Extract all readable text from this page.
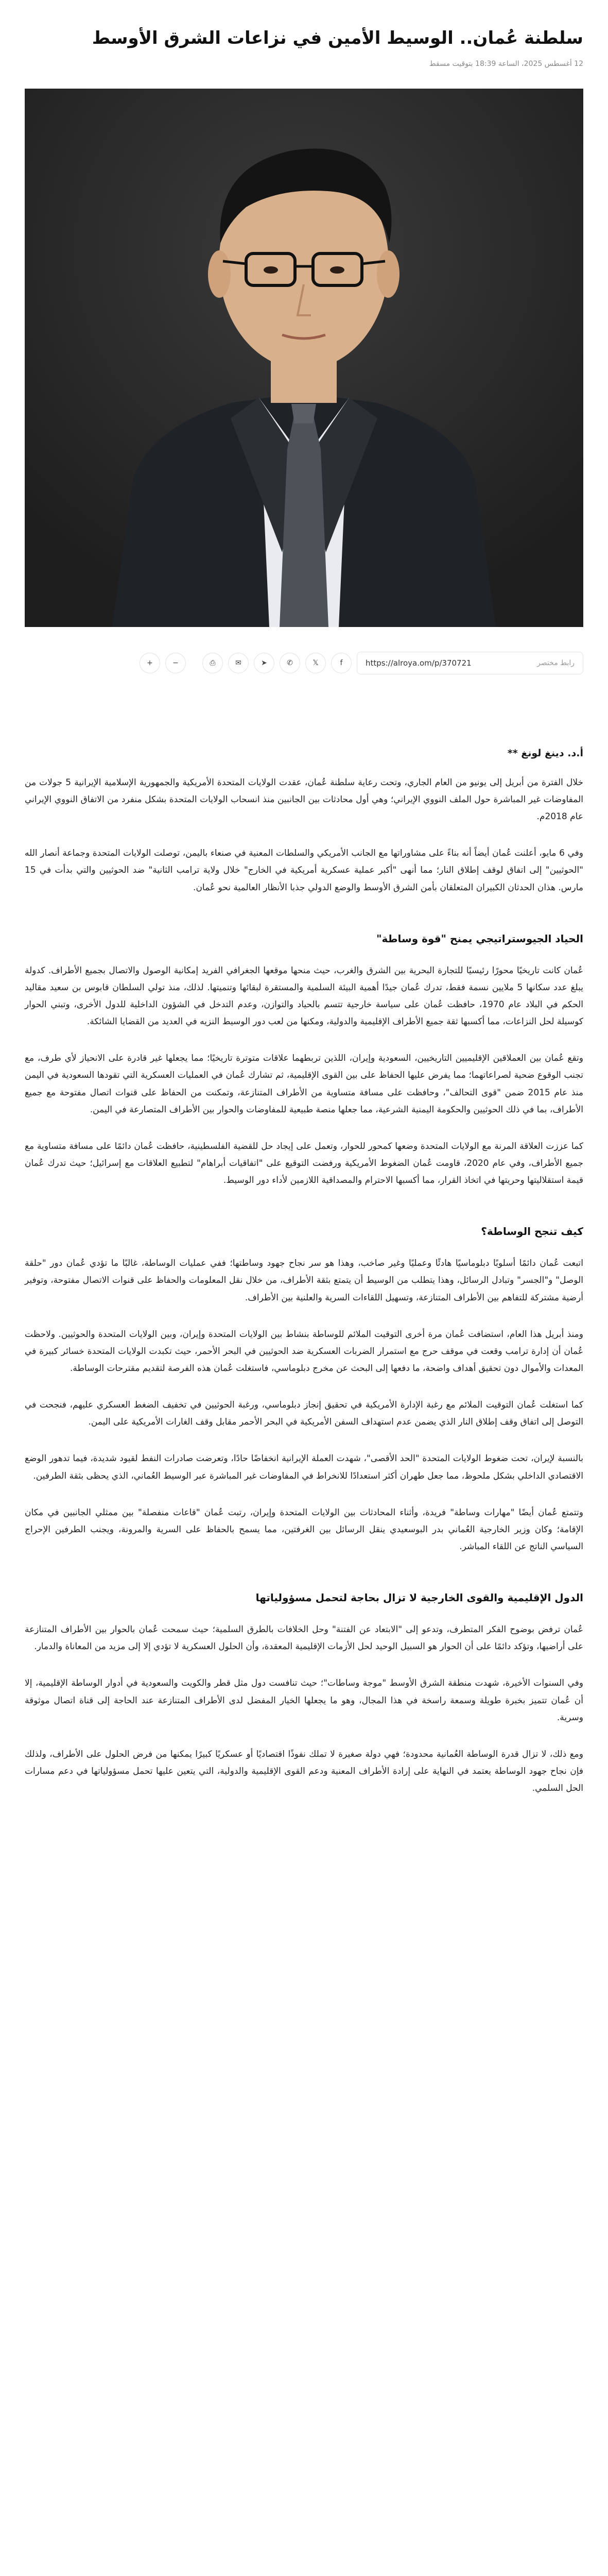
سلطنة عُمان.. الوسيط الأمين في نزاعات الشرق الأوسط
12 أغسطس 2025، الساعة 18:39 بتوقيت مسقط
رابط مختصر
https://alroya.om/p/370721
f
𝕏
✆
➤
✉
⎙
−
+
أ.د. دينغ لونغ **

خلال الفترة من أبريل إلى يونيو من العام الجاري، وتحت رعاية سلطنة عُمان، عقدت الولايات المتحدة الأمريكية والجمهورية الإسلامية الإيرانية 5 جولات من المفاوضات غير المباشرة حول الملف النووي الإيراني؛ وهي أول محادثات بين الجانبين منذ انسحاب الولايات المتحدة بشكل منفرد من الاتفاق النووي الإيراني عام 2018م.

وفي 6 مايو، أعلنت عُمان أيضاً أنه بناءً على مشاوراتها مع الجانب الأمريكي والسلطات المعنية في صنعاء باليمن، توصلت الولايات المتحدة وجماعة أنصار الله "الحوثيين" إلى اتفاق لوقف إطلاق النار؛ مما أنهى "أكبر عملية عسكرية أمريكية في الخارج" خلال ولاية ترامب الثانية" ضد الحوثيين والتي بدأت في 15 مارس. هذان الحدثان الكبيران المتعلقان بأمن الشرق الأوسط والوضع الدولي جذبا الأنظار العالمية نحو عُمان.

الحياد الجيوستراتيجي يمنح "قوة وساطة"

عُمان كانت تاريخيًا محورًا رئيسيًا للتجارة البحرية بين الشرق والغرب، حيث منحها موقعها الجغرافي الفريد إمكانية الوصول والاتصال بجميع الأطراف. كدولة يبلغ عدد سكانها 5 ملايين نسمة فقط، تدرك عُمان جيدًا أهمية البيئة السلمية والمستقرة لبقائها وتنميتها. لذلك، منذ تولي السلطان قابوس بن سعيد مقاليد الحكم في البلاد عام 1970، حافظت عُمان على سياسة خارجية تتسم بالحياد والتوازن، وعدم التدخل في الشؤون الداخلية للدول الأخرى، وتبني الحوار كوسيلة لحل النزاعات، مما أكسبها ثقة جميع الأطراف الإقليمية والدولية، ومكنها من لعب دور الوسيط النزيه في العديد من القضايا الشائكة.

وتقع عُمان بين العملاقين الإقليميين التاريخيين، السعودية وإيران، اللذين تربطهما علاقات متوترة تاريخيًا؛ مما يجعلها غير قادرة على الانحياز لأي طرف، مع تجنب الوقوع ضحية لصراعاتهما؛ مما يفرض عليها الحفاظ على بين القوى الإقليمية، ثم تشارك عُمان في العمليات العسكرية التي تقودها السعودية في اليمن منذ عام 2015 ضمن "قوى التحالف"، وحافظت على مسافة متساوية من الأطراف المتنازعة، وتمكنت من الحفاظ على قنوات اتصال مفتوحة مع جميع الأطراف، بما في ذلك الحوثيين والحكومة اليمنية الشرعية، مما جعلها منصة طبيعية للمفاوضات والحوار بين الأطراف المتصارعة في اليمن.

كما عززت العلاقة المرنة مع الولايات المتحدة وضعها كمحور للحوار، وتعمل على إيجاد حل للقضية الفلسطينية، حافظت عُمان دائمًا على مسافة متساوية مع جميع الأطراف، وفي عام 2020، قاومت عُمان الضغوط الأمريكية ورفضت التوقيع على "اتفاقيات أبراهام" لتطبيع العلاقات مع إسرائيل؛ حيث تدرك عُمان قيمة استقلاليتها وحريتها في اتخاذ القرار، مما أكسبها الاحترام والمصداقية اللازمين لأداء دور الوسيط.

كيف تنجح الوساطة؟

اتبعت عُمان دائمًا أسلوبًا دبلوماسيًا هادئًا وعمليًا وغير صاخب، وهذا هو سر نجاح جهود وساطتها؛ ففي عمليات الوساطة، غالبًا ما تؤدي عُمان دور "حلقة الوصل" و"الجسر" وتبادل الرسائل، وهذا يتطلب من الوسيط أن يتمتع بثقة الأطراف، من خلال نقل المعلومات والحفاظ على قنوات الاتصال مفتوحة، وتوفير أرضية مشتركة للتفاهم بين الأطراف المتنازعة، وتسهيل اللقاءات السرية والعلنية بين الأطراف.

ومنذ أبريل هذا العام، استضافت عُمان مرة أخرى التوقيت الملائم للوساطة بنشاط بين الولايات المتحدة وإيران، وبين الولايات المتحدة والحوثيين. ولاحظت عُمان أن إدارة ترامب وقعت في موقف حرج مع استمرار الضربات العسكرية ضد الحوثيين في البحر الأحمر، حيث تكبدت الولايات المتحدة خسائر كبيرة في المعدات والأموال دون تحقيق أهداف واضحة، ما دفعها إلى البحث عن مخرج دبلوماسي، فاستغلت عُمان هذه الفرصة لتقديم مقترحات الوساطة.

كما استغلت عُمان التوقيت الملائم مع رغبة الإدارة الأمريكية في تحقيق إنجاز دبلوماسي، ورغبة الحوثيين في تخفيف الضغط العسكري عليهم، فنجحت في التوصل إلى اتفاق وقف إطلاق النار الذي يضمن عدم استهداف السفن الأمريكية في البحر الأحمر مقابل وقف الغارات الأمريكية على اليمن.

بالنسبة لإيران، تحت ضغوط الولايات المتحدة "الحد الأقصى"، شهدت العملة الإيرانية انخفاضًا حادًا، وتعرضت صادرات النفط لقيود شديدة، فيما تدهور الوضع الاقتصادي الداخلي بشكل ملحوظ، مما جعل طهران أكثر استعدادًا للانخراط في المفاوضات غير المباشرة عبر الوسيط العُماني، الذي يحظى بثقة الطرفين.

وتتمتع عُمان أيضًا "مهارات وساطة" فريدة، وأثناء المحادثات بين الولايات المتحدة وإيران، رتبت عُمان "قاعات منفصلة" بين ممثلي الجانبين في مكان الإقامة؛ وكان وزير الخارجية العُماني بدر البوسعيدي ينقل الرسائل بين الغرفتين، مما يسمح بالحفاظ على السرية والمرونة، ويجنب الطرفين الإحراج السياسي الناتج عن اللقاء المباشر.

الدول الإقليمية والقوى الخارجية لا تزال بحاجة لتحمل مسؤولياتها

عُمان ترفض بوضوح الفكر المتطرف، وتدعو إلى "الابتعاد عن الفتنة" وحل الخلافات بالطرق السلمية؛ حيث سمحت عُمان بالحوار بين الأطراف المتنازعة على أراضيها، وتؤكد دائمًا على أن الحوار هو السبيل الوحيد لحل الأزمات الإقليمية المعقدة، وأن الحلول العسكرية لا تؤدي إلا إلى مزيد من المعاناة والدمار.

وفي السنوات الأخيرة، شهدت منطقة الشرق الأوسط "موجة وساطات"؛ حيث تنافست دول مثل قطر والكويت والسعودية في أدوار الوساطة الإقليمية، إلا أن عُمان تتميز بخبرة طويلة وسمعة راسخة في هذا المجال، وهو ما يجعلها الخيار المفضل لدى الأطراف المتنازعة عند الحاجة إلى قناة اتصال موثوقة وسرية.

ومع ذلك، لا تزال قدرة الوساطة العُمانية محدودة؛ فهي دولة صغيرة لا تملك نفوذًا اقتصاديًا أو عسكريًا كبيرًا يمكنها من فرض الحلول على الأطراف، ولذلك فإن نجاح جهود الوساطة يعتمد في النهاية على إرادة الأطراف المعنية ودعم القوى الإقليمية والدولية، التي يتعين عليها تحمل مسؤولياتها في دعم مسارات الحل السلمي.
